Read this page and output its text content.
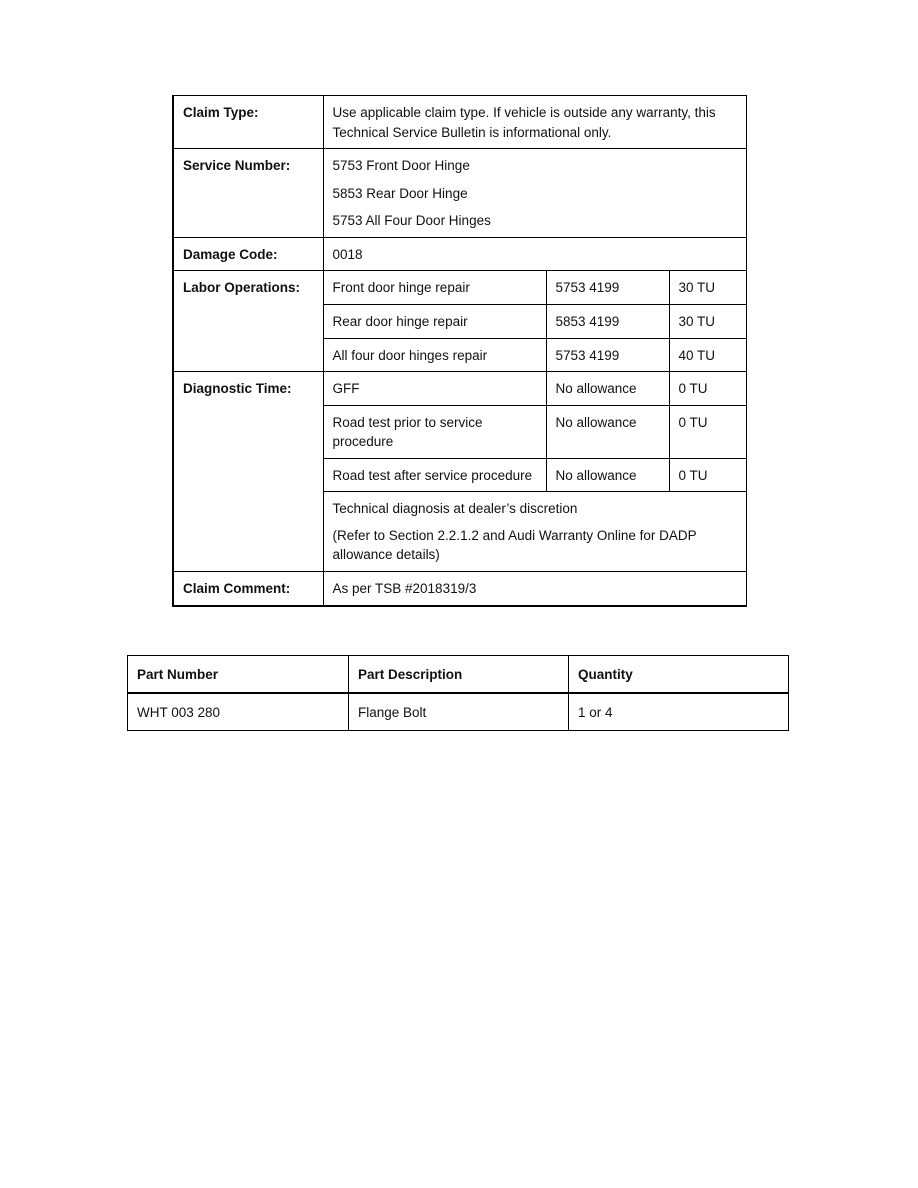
Claim Type:	Use applicable claim type. If vehicle is outside any warranty, this Technical Service Bulletin is informational only.		
Service Number:	5753 Front Door Hinge
5853 Rear Door Hinge
5753 All Four Door Hinges		

Damage Code:	0018		
Labor Operations:	Front door hinge repair	5753 4199	30 TU
	Rear door hinge repair	5853 4199	30 TU
	All four door hinges repair	5753 4199	40 TU
Diagnostic Time:	GFF	No allowance	0 TU
	Road test prior to service procedure	No allowance	0 TU
	Road test after service procedure	No allowance	0 TU

	Technical diagnosis at dealer’s discretion
(Refer to Section 2.2.1.2 and Audi Warranty Online for DADP allowance details)		

Claim Comment:	As per TSB #2018319/3		
Part Number	Part Description	Quantity
WHT 003 280	Flange Bolt	1 or 4
